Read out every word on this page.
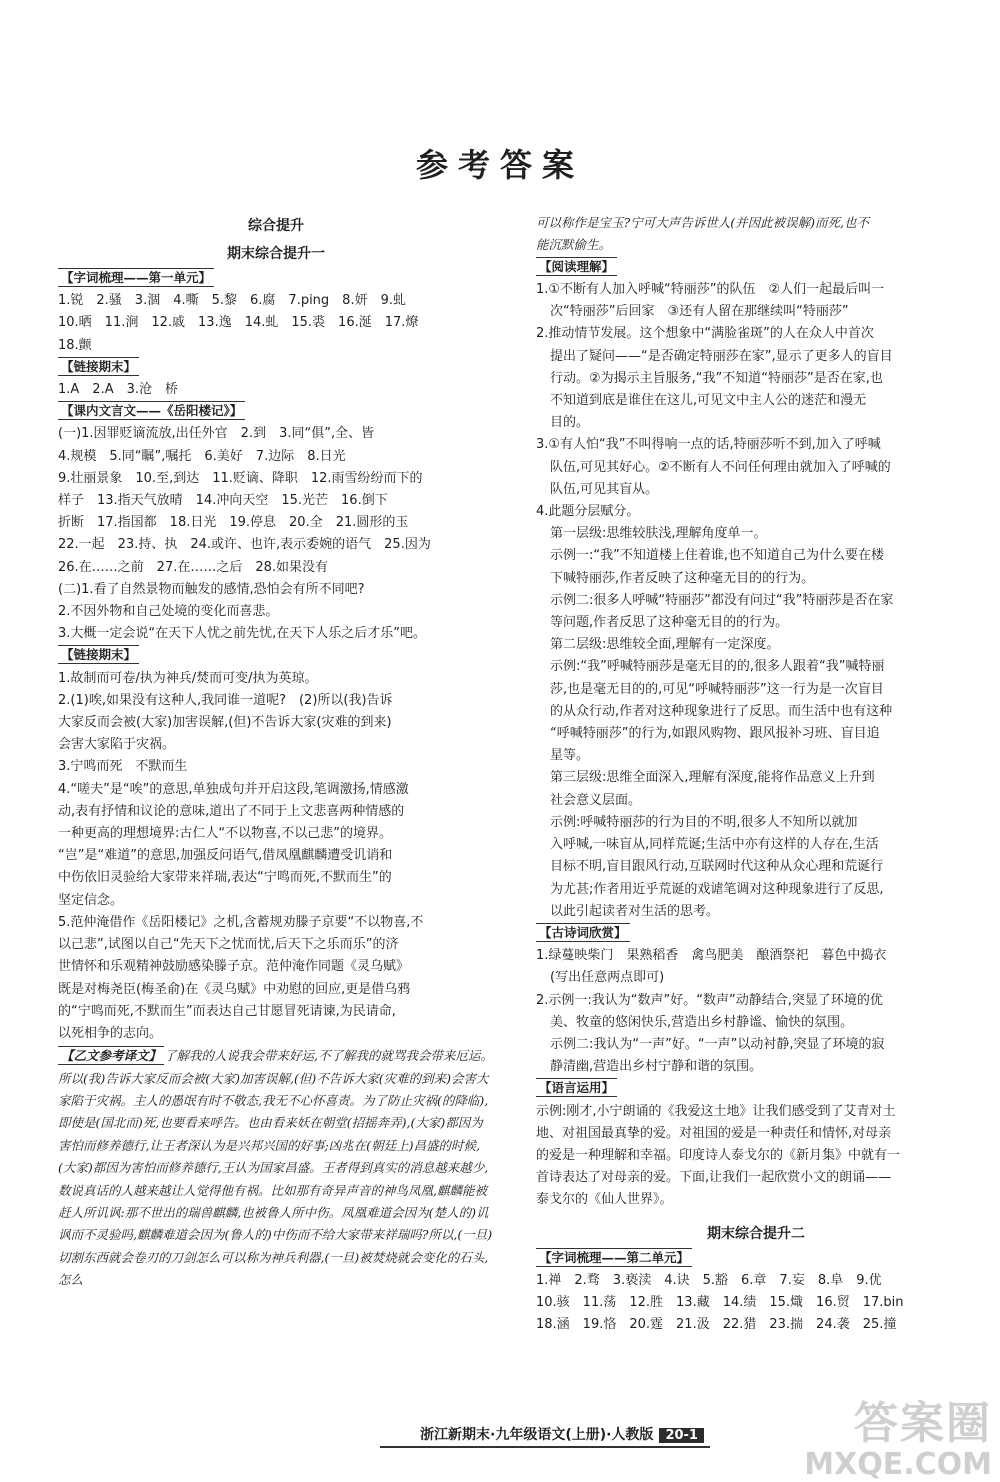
参考答案
综合提升
期末综合提升一
【 字词梳理——第一单元 】
1.锐　2.骚　3.涸　4.嘶　5.黎　6.腐　7.ping　8.妍　9.虬
10.晒　11.涧　12.戚　13.逸　14.虬　15.裘　16.涎　17.燎
18.颤
【 链接期末 】
1.A　2.A　3.沧　桥
【 课内文言文——《岳阳楼记》 】
(一)1.因罪贬谪流放,出任外官　2.到　3.同“俱”,全、皆
4.规模　5.同“瞩”,嘱托　6.美好　7.边际　8.日光
9.壮丽景象　10.至,到达　11.贬谪、降职　12.雨雪纷纷而下的
样子　13.指天气放晴　14.冲向天空　15.光芒　16.倒下
折断　17.指国都　18.日光　19.停息　20.全　21.圆形的玉
22.一起　23.持、执　24.或许、也许,表示委婉的语气　25.因为
26.在……之前　27.在……之后　28.如果没有
(二)1.看了自然景物而触发的感情,恐怕会有所不同吧?
2.不因外物和自己处境的变化而喜悲。
3.大概一定会说“在天下人忧之前先忧,在天下人乐之后才乐”吧。
【 链接期末 】
1.故制而可卷/执为神兵/焚而可变/执为英琼。
2.(1)唉,如果没有这种人,我同谁一道呢?　(2)所以(我)告诉
大家反而会被(大家)加害误解,(但)不告诉大家(灾难的到来)
会害大家陷于灾祸。
3.宁鸣而死　不默而生
4.“嗟夫”是“唉”的意思,单独成句并开启这段,笔调激扬,情感激
动,表有抒情和议论的意味,道出了不同于上文悲喜两种情感的
一种更高的理想境界:古仁人“不以物喜,不以己悲”的境界。
“岂”是“难道”的意思,加强反问语气,借凤凰麒麟遭受讥诮和
中伤依旧灵验给大家带来祥瑞,表达“宁鸣而死,不默而生”的
坚定信念。
5.范仲淹借作《岳阳楼记》之机,含蓄规劝滕子京要“不以物喜,不
以己悲”,试图以自己“先天下之忧而忧,后天下之乐而乐”的济
世情怀和乐观精神鼓励感染滕子京。范仲淹作同题《灵乌赋》
既是对梅尧臣(梅圣俞)在《灵乌赋》中劝慰的回应,更是借乌鸦
的“宁鸣而死,不默而生”而表达自己甘愿冒死请谏,为民请命,
以死相争的志向。
【 乙文参考译文 】 了解我的人说我会带来好运,不了解我的就骂我会带来厄运。所以(我)告诉大家反而会被(大家)加害误解,(但)不告诉大家(灾难的到来)会害大家陷于灾祸。主人的愚氓有时不敬态,我无不心怀喜责。为了防止灾祸(的降临),即使是(国北而)死,也要看来呼告。也由看来妖在朝堂(招摇奔弄),(大家)都因为害怕而修养德行,让王者深认为是兴邦兴国的好事;凶兆在(朝廷上)昌盛的时候,(大家)都因为害怕而修养德行,王认为国家昌盛。王者得到真实的消息越来越少,数说真话的人越来越让人觉得他有祸。比如那有奇异声音的神鸟凤凰,麒麟能被赶人所讥讽:那不世出的瑞兽麒麟,也被鲁人所中伤。凤凰难道会因为(楚人的)讥讽而不灵验吗,麒麟难道会因为(鲁人的)中伤而不给大家带来祥瑞吗?所以,(一旦)切割东西就会卷刃的刀剑怎么可以称为神兵利器,(一旦)被焚烧就会变化的石头,怎么
可以称作是宝玉?宁可大声告诉世人(并因此被误解)而死,也不
能沉默偷生。
【 阅读理解 】
1.①不断有人加入呼喊“特丽莎”的队伍　②人们一起最后叫一
次“特丽莎”后回家　③还有人留在那继续叫“特丽莎”
2.推动情节发展。这个想象中“满脸雀斑”的人在众人中首次
提出了疑问——“是否确定特丽莎在家”,显示了更多人的盲目
行动。②为揭示主旨服务,“我”不知道“特丽莎”是否在家,也
不知道到底是谁住在这儿,可见文中主人公的迷茫和漫无
目的。
3.①有人怕“我”不叫得响一点的话,特丽莎听不到,加入了呼喊
队伍,可见其好心。②不断有人不问任何理由就加入了呼喊的
队伍,可见其盲从。
4.此题分层赋分。
第一层级:思维较肤浅,理解角度单一。
示例一:“我”不知道楼上住着谁,也不知道自己为什么要在楼
下喊特丽莎,作者反映了这种毫无目的的行为。
示例二:很多人呼喊“特丽莎”都没有问过“我”特丽莎是否在家
等问题,作者反思了这种毫无目的的行为。
第二层级:思维较全面,理解有一定深度。
示例:“我”呼喊特丽莎是毫无目的的,很多人跟着“我”喊特丽
莎,也是毫无目的的,可见“呼喊特丽莎”这一行为是一次盲目
的从众行动,作者对这种现象进行了反思。而生活中也有这种
“呼喊特丽莎”的行为,如跟风购物、跟风报补习班、盲目追
星等。
第三层级:思维全面深入,理解有深度,能将作品意义上升到
社会意义层面。
示例:呼喊特丽莎的行为目的不明,很多人不知所以就加
入呼喊,一味盲从,同样荒诞;生活中亦有这样的人存在,生活
目标不明,盲目跟风行动,互联网时代这种从众心理和荒诞行
为尤甚;作者用近乎荒诞的戏谑笔调对这种现象进行了反思,
以此引起读者对生活的思考。
【 古诗词欣赏 】
1.绿蔓映柴门　果熟稻香　禽鸟肥美　酿酒祭祀　暮色中捣衣
(写出任意两点即可)
2.示例一:我认为“数声”好。“数声”动静结合,突显了环境的优
美、牧童的悠闲快乐,营造出乡村静谧、愉快的氛围。
示例二:我认为“一声”好。“一声”以动衬静,突显了环境的寂
静清幽,营造出乡村宁静和谐的氛围。
【 语言运用 】
示例:刚才,小宁朗诵的《我爱这土地》让我们感受到了艾青对土
地、对祖国最真挚的爱。对祖国的爱是一种责任和情怀,对母亲
的爱是一种理解和幸福。印度诗人泰戈尔的《新月集》中就有一
首诗表达了对母亲的爱。下面,让我们一起欣赏小文的朗诵——
泰戈尔的《仙人世界》。
期末综合提升二
【 字词梳理——第二单元 】
1.禅　2.骛　3.亵渎　4.诀　5.豁　6.章　7.妄　8.阜　9.优
10.骇　11.荡　12.胜　13.藏　14.绩　15.熾　16.贸　17.bin
18.涵　19.恪　20.霆　21.汲　22.猎　23.揣　24.袭　25.撞
浙江新期末·九年级语文(上册)·人教版 20-1	答案圈
MXQE.COM
